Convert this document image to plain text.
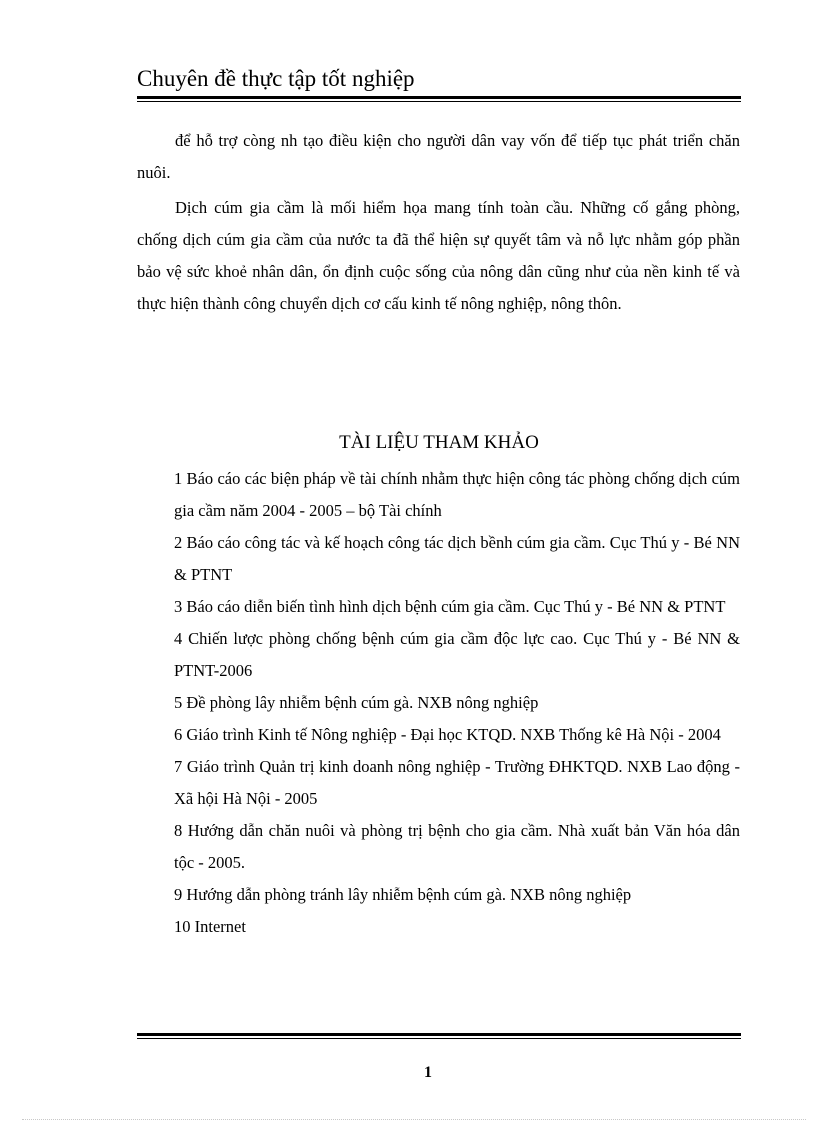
Chuyên đề thực tập tốt nghiệp

để hỗ trợ còng nh tạo điều kiện cho người dân vay vốn để tiếp tục phát triển chăn nuôi.

Dịch cúm gia cầm là mối hiểm họa mang tính toàn cầu. Những cố gắng phòng, chống dịch cúm gia cầm của nước ta đã thể hiện sự quyết tâm và nỗ lực nhằm góp phần bảo vệ sức khoẻ nhân dân, ổn định cuộc sống của nông dân cũng như của nền kinh tế và thực hiện thành công chuyển dịch cơ cấu kinh tế nông nghiệp, nông thôn.

TÀI LIỆU THAM KHẢO
1 Báo cáo các biện pháp về tài chính nhằm thực hiện công tác phòng chống dịch cúm gia cầm năm 2004 - 2005 – bộ Tài chính
2 Báo cáo công tác và kế hoạch công tác dịch bềnh cúm gia cầm. Cục Thú y - Bé NN & PTNT
3 Báo cáo diễn biến tình hình dịch bệnh cúm gia cầm. Cục Thú y - Bé NN & PTNT
4 Chiến lược phòng chống bệnh cúm gia cầm độc lực cao. Cục Thú y - Bé NN & PTNT-2006
5 Đề phòng lây nhiễm bệnh cúm gà. NXB nông nghiệp
6 Giáo trình Kinh tế Nông nghiệp - Đại học KTQD. NXB Thống kê Hà Nội - 2004
7 Giáo trình Quản trị kinh doanh nông nghiệp - Trường ĐHKTQD. NXB Lao động - Xã hội Hà Nội - 2005
8 Hướng dẫn chăn nuôi và phòng trị bệnh cho gia cầm. Nhà xuất bản Văn hóa dân tộc - 2005.
9 Hướng dẫn phòng tránh lây nhiễm bệnh cúm gà. NXB nông nghiệp
10 Internet
1
